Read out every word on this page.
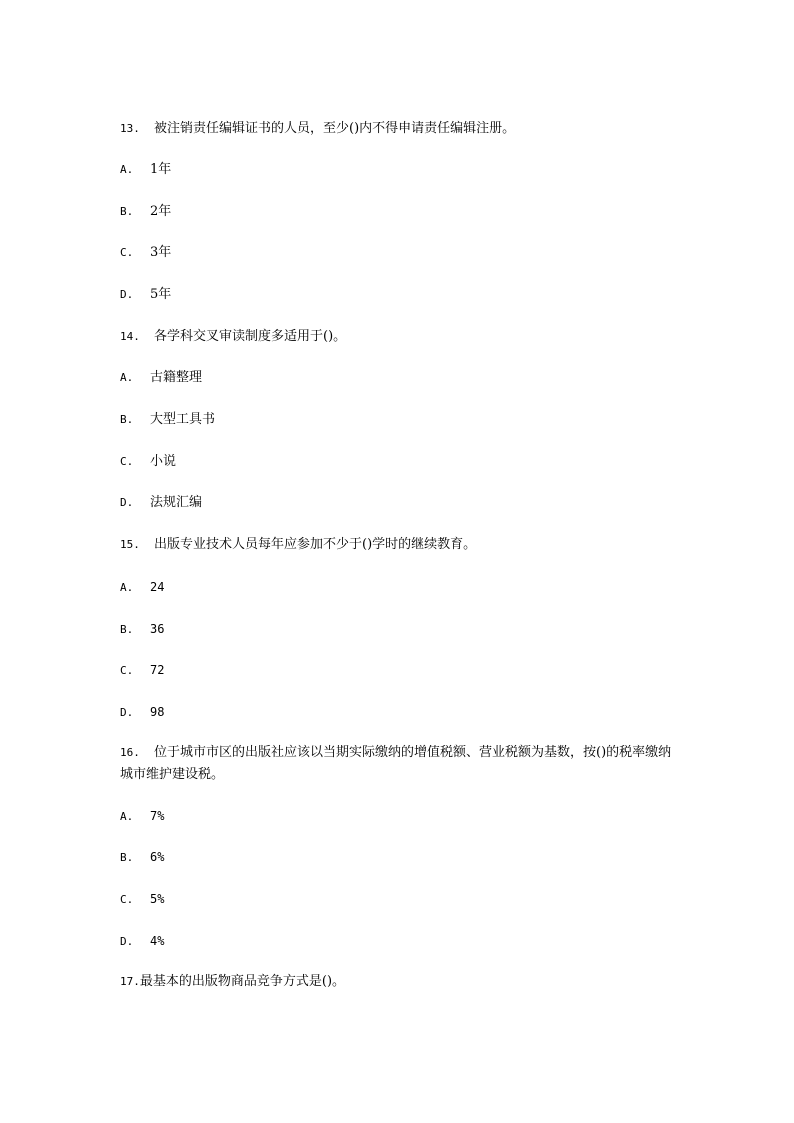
13. 被注销责任编辑证书的人员，至少()内不得申请责任编辑注册。
A. 1年
B. 2年
C. 3年
D. 5年
14. 各学科交叉审读制度多适用于()。
A. 古籍整理
B. 大型工具书
C. 小说
D. 法规汇编
15. 出版专业技术人员每年应参加不少于()学时的继续教育。
A. 24
B. 36
C. 72
D. 98
16. 位于城市市区的出版社应该以当期实际缴纳的增值税额、营业税额为基数，按()的税率缴纳城市维护建设税。
A. 7%
B. 6%
C. 5%
D. 4%
17.最基本的出版物商品竞争方式是()。
